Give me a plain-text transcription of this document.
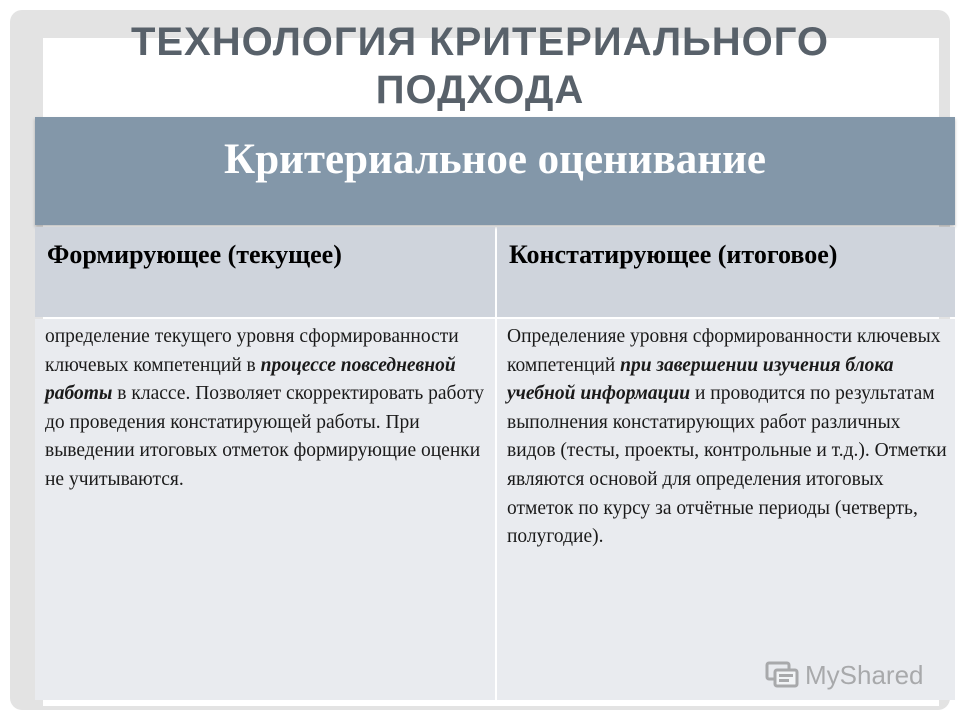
ТЕХНОЛОГИЯ КРИТЕРИАЛЬНОГО
ПОДХОДА
Критериальное оценивание
Формирующее (текущее)	Констатирующее (итоговое)
определение текущего уровня сформированности ключевых компетенций в процессе повседневной работы в классе. Позволяет скорректировать работу до проведения констатирующей работы. При выведении итоговых отметок формирующие оценки не учитываются.
Определенияе уровня сформированности ключевых компетенций при завершении изучения блока учебной информации и проводится по результатам выполнения констатирующих работ различных видов (тесты, проекты, контрольные и т.д.). Отметки являются основой для определения итоговых отметок по курсу за отчётные периоды (четверть, полугодие).
MyShared
